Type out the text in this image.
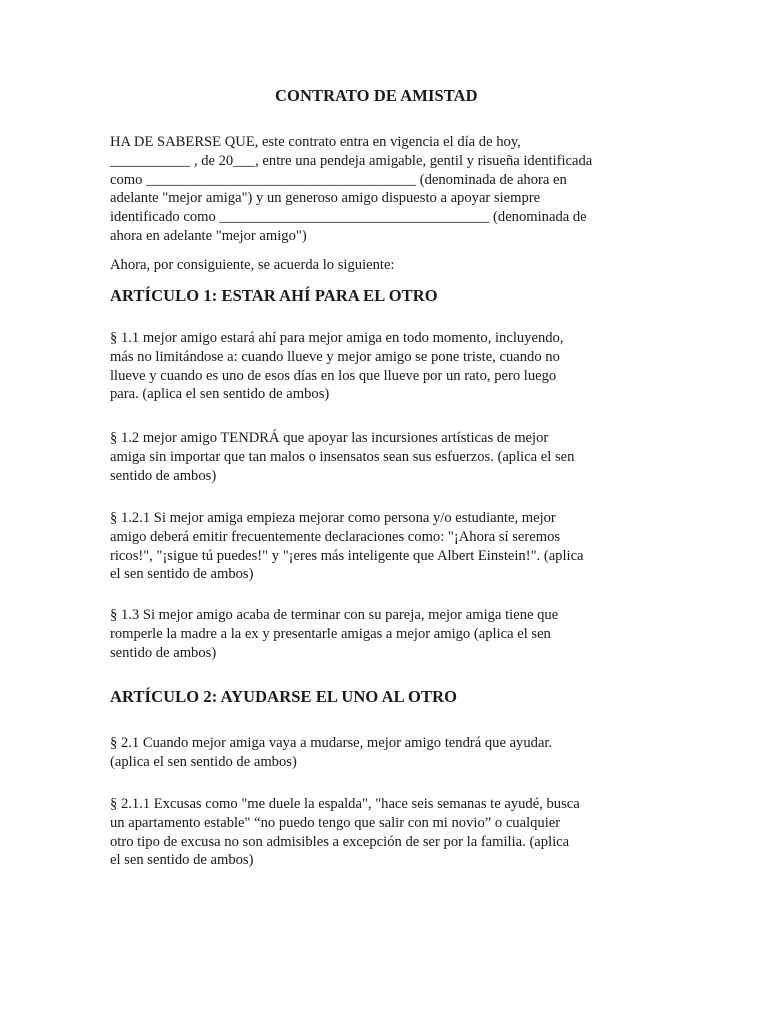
CONTRATO DE AMISTAD

HA DE SABERSE QUE, este contrato entra en vigencia el día de hoy,
___________ , de 20___, entre una pendeja amigable, gentil y risueña identificada
como _____________________________________ (denominada de ahora en
adelante "mejor amiga") y un generoso amigo dispuesto a apoyar siempre
identificado como _____________________________________ (denominada de
ahora en adelante "mejor amigo")

Ahora, por consiguiente, se acuerda lo siguiente:

ARTÍCULO 1: ESTAR AHÍ PARA EL OTRO

§ 1.1 mejor amigo estará ahí para mejor amiga en todo momento, incluyendo,
más no limitándose a: cuando llueve y mejor amigo se pone triste, cuando no
llueve y cuando es uno de esos días en los que llueve por un rato, pero luego
para. (aplica el sen sentido de ambos)

§ 1.2 mejor amigo TENDRÁ que apoyar las incursiones artísticas de mejor
amiga sin importar que tan malos o insensatos sean sus esfuerzos. (aplica el sen
sentido de ambos)

§ 1.2.1 Si mejor amiga empieza mejorar como persona y/o estudiante, mejor
amigo deberá emitir frecuentemente declaraciones como: "¡Ahora sí seremos
ricos!", "¡sigue tú puedes!" y "¡eres más inteligente que Albert Einstein!". (aplica
el sen sentido de ambos)

§ 1.3 Si mejor amigo acaba de terminar con su pareja, mejor amiga tiene que
romperle la madre a la ex y presentarle amigas a mejor amigo (aplica el sen
sentido de ambos)

ARTÍCULO 2: AYUDARSE EL UNO AL OTRO

§ 2.1 Cuando mejor amiga vaya a mudarse, mejor amigo tendrá que ayudar.
(aplica el sen sentido de ambos)

§ 2.1.1 Excusas como "me duele la espalda", "hace seis semanas te ayudé, busca
un apartamento estable" “no puedo tengo que salir con mi novio” o cualquier
otro tipo de excusa no son admisibles a excepción de ser por la familia. (aplica
el sen sentido de ambos)
